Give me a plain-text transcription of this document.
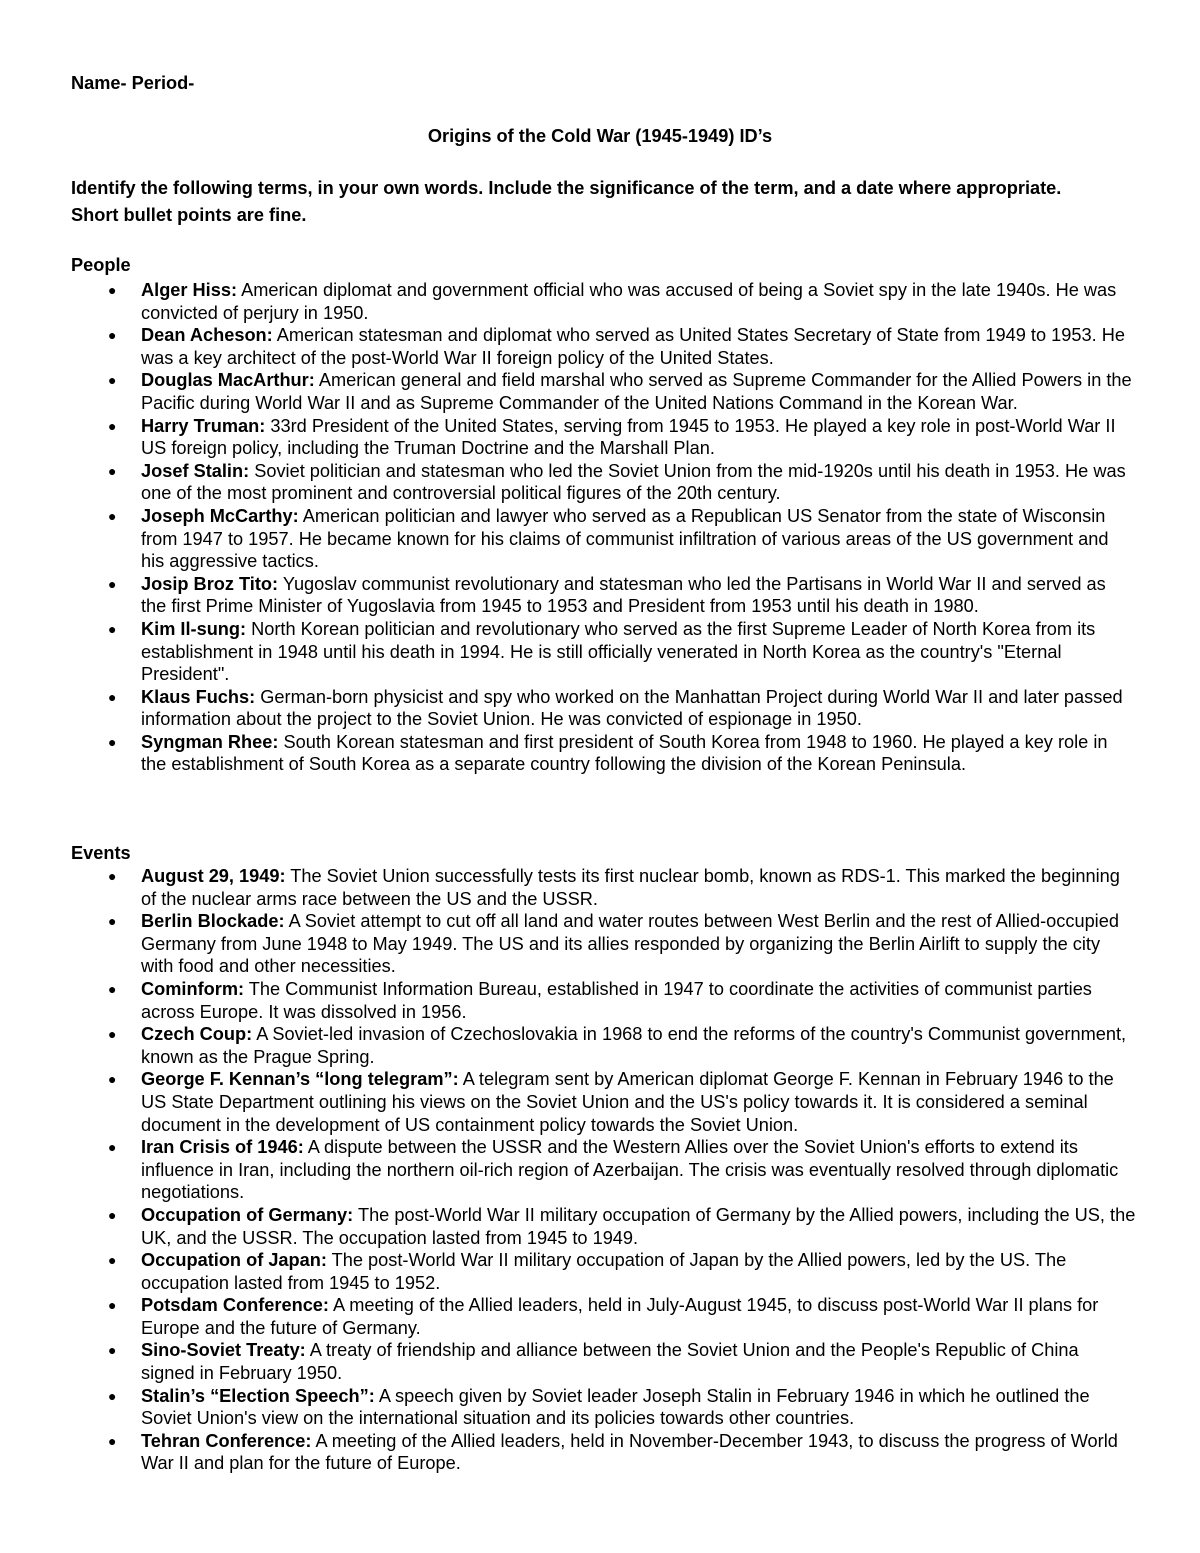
Name- Period-
Origins of the Cold War (1945-1949) ID’s
Identify the following terms, in your own words. Include the significance of the term, and a date where appropriate. Short bullet points are fine.
People
● Alger Hiss: American diplomat and government official who was accused of being a Soviet spy in the late 1940s. He was convicted of perjury in 1950.
● Dean Acheson: American statesman and diplomat who served as United States Secretary of State from 1949 to 1953. He was a key architect of the post-World War II foreign policy of the United States.
● Douglas MacArthur: American general and field marshal who served as Supreme Commander for the Allied Powers in the Pacific during World War II and as Supreme Commander of the United Nations Command in the Korean War.
● Harry Truman: 33rd President of the United States, serving from 1945 to 1953. He played a key role in post-World War II US foreign policy, including the Truman Doctrine and the Marshall Plan.
● Josef Stalin: Soviet politician and statesman who led the Soviet Union from the mid-1920s until his death in 1953. He was one of the most prominent and controversial political figures of the 20th century.
● Joseph McCarthy: American politician and lawyer who served as a Republican US Senator from the state of Wisconsin from 1947 to 1957. He became known for his claims of communist infiltration of various areas of the US government and his aggressive tactics.
● Josip Broz Tito: Yugoslav communist revolutionary and statesman who led the Partisans in World War II and served as the first Prime Minister of Yugoslavia from 1945 to 1953 and President from 1953 until his death in 1980.
● Kim Il-sung: North Korean politician and revolutionary who served as the first Supreme Leader of North Korea from its establishment in 1948 until his death in 1994. He is still officially venerated in North Korea as the country's "Eternal President".
● Klaus Fuchs: German-born physicist and spy who worked on the Manhattan Project during World War II and later passed information about the project to the Soviet Union. He was convicted of espionage in 1950.
● Syngman Rhee: South Korean statesman and first president of South Korea from 1948 to 1960. He played a key role in the establishment of South Korea as a separate country following the division of the Korean Peninsula.
Events
● August 29, 1949: The Soviet Union successfully tests its first nuclear bomb, known as RDS-1. This marked the beginning of the nuclear arms race between the US and the USSR.
● Berlin Blockade: A Soviet attempt to cut off all land and water routes between West Berlin and the rest of Allied-occupied Germany from June 1948 to May 1949. The US and its allies responded by organizing the Berlin Airlift to supply the city with food and other necessities.
● Cominform: The Communist Information Bureau, established in 1947 to coordinate the activities of communist parties across Europe. It was dissolved in 1956.
● Czech Coup: A Soviet-led invasion of Czechoslovakia in 1968 to end the reforms of the country's Communist government, known as the Prague Spring.
● George F. Kennan’s “long telegram”: A telegram sent by American diplomat George F. Kennan in February 1946 to the US State Department outlining his views on the Soviet Union and the US's policy towards it. It is considered a seminal document in the development of US containment policy towards the Soviet Union.
● Iran Crisis of 1946: A dispute between the USSR and the Western Allies over the Soviet Union's efforts to extend its influence in Iran, including the northern oil-rich region of Azerbaijan. The crisis was eventually resolved through diplomatic negotiations.
● Occupation of Germany: The post-World War II military occupation of Germany by the Allied powers, including the US, the UK, and the USSR. The occupation lasted from 1945 to 1949.
● Occupation of Japan: The post-World War II military occupation of Japan by the Allied powers, led by the US. The occupation lasted from 1945 to 1952.
● Potsdam Conference: A meeting of the Allied leaders, held in July-August 1945, to discuss post-World War II plans for Europe and the future of Germany.
● Sino-Soviet Treaty: A treaty of friendship and alliance between the Soviet Union and the People's Republic of China signed in February 1950.
● Stalin’s “Election Speech”: A speech given by Soviet leader Joseph Stalin in February 1946 in which he outlined the Soviet Union's view on the international situation and its policies towards other countries.
● Tehran Conference: A meeting of the Allied leaders, held in November-December 1943, to discuss the progress of World War II and plan for the future of Europe.
